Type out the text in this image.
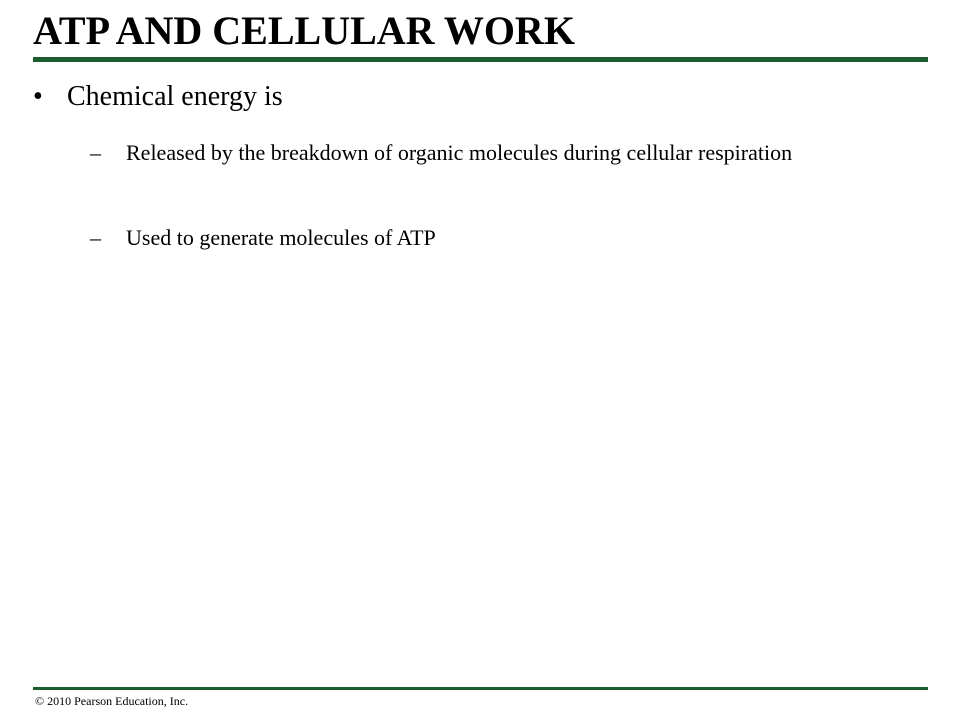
ATP AND CELLULAR WORK
• Chemical energy is
– Released by the breakdown of organic molecules during cellular respiration
– Used to generate molecules of ATP
© 2010 Pearson Education, Inc.
